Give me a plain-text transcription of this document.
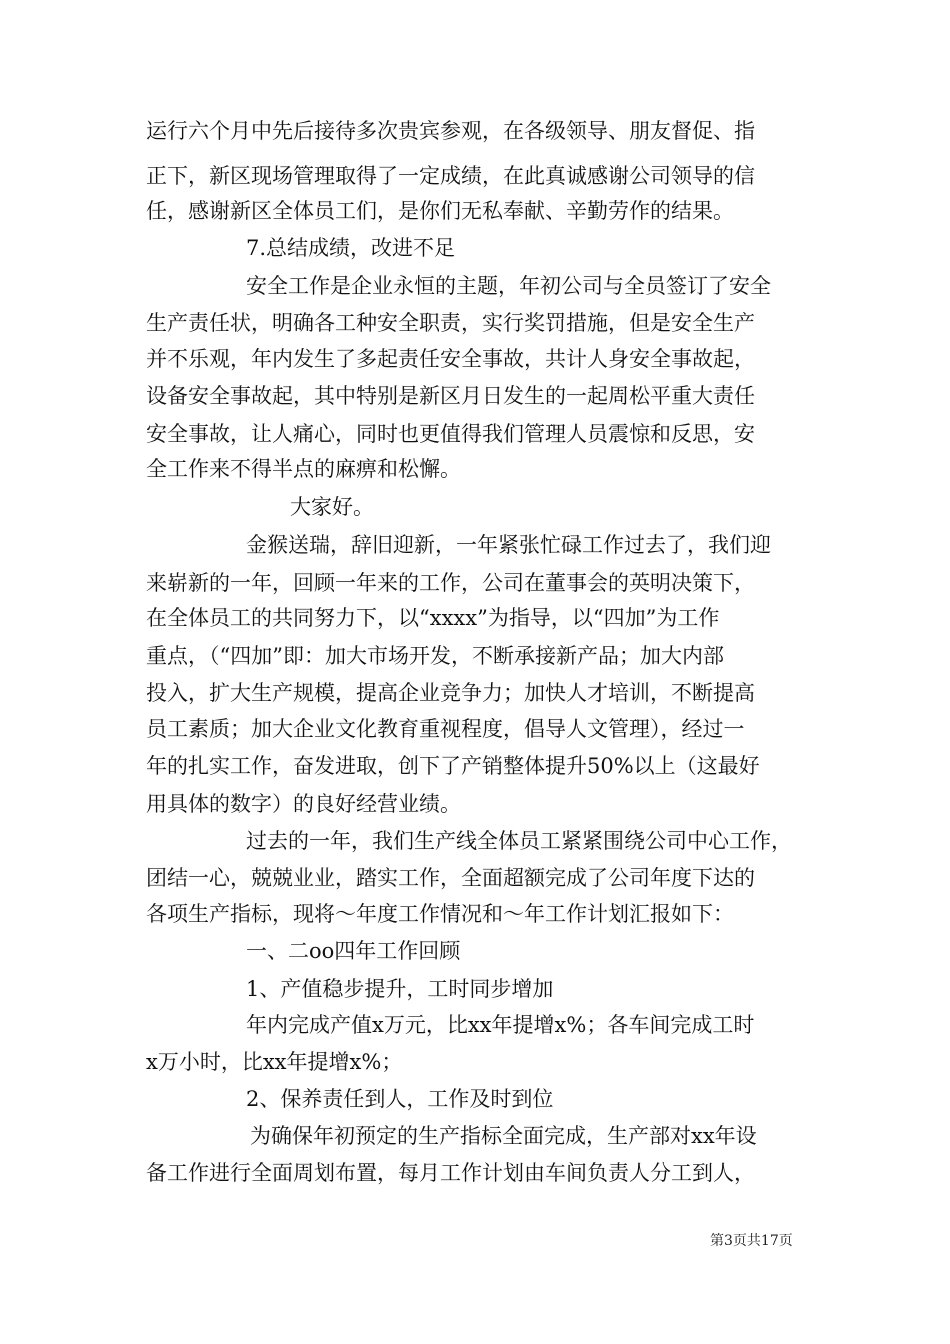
运行六个月中先后接待多次贵宾参观，在各级领导、朋友督促、指
正下，新区现场管理取得了一定成绩，在此真诚感谢公司领导的信
任，感谢新区全体员工们，是你们无私奉献、辛勤劳作的结果。
7.总结成绩，改进不足
安全工作是企业永恒的主题，年初公司与全员签订了安全
生产责任状，明确各工种安全职责，实行奖罚措施，但是安全生产
并不乐观，年内发生了多起责任安全事故，共计人身安全事故起，
设备安全事故起，其中特别是新区月日发生的一起周松平重大责任
安全事故，让人痛心，同时也更值得我们管理人员震惊和反思，安
全工作来不得半点的麻痹和松懈。
大家好。
金猴送瑞，辞旧迎新，一年紧张忙碌工作过去了，我们迎
来崭新的一年，回顾一年来的工作，公司在董事会的英明决策下，
在全体员工的共同努力下，以“xxxx”为指导，以“四加”为工作
重点，（“四加”即：加大市场开发，不断承接新产品；加大内部
投入，扩大生产规模，提高企业竞争力；加快人才培训，不断提高
员工素质；加大企业文化教育重视程度，倡导人文管理），经过一
年的扎实工作，奋发进取，创下了产销整体提升50%以上（这最好
用具体的数字）的良好经营业绩。
过去的一年，我们生产线全体员工紧紧围绕公司中心工作，
团结一心，兢兢业业，踏实工作，全面超额完成了公司年度下达的
各项生产指标，现将～年度工作情况和～年工作计划汇报如下：
一、二oo四年工作回顾
1、产值稳步提升，工时同步增加
年内完成产值x万元，比xx年提增x%；各车间完成工时
x万小时，比xx年提增x%；
2、保养责任到人，工作及时到位
为确保年初预定的生产指标全面完成，生产部对xx年设
备工作进行全面周划布置，每月工作计划由车间负责人分工到人，
第3页共17页
